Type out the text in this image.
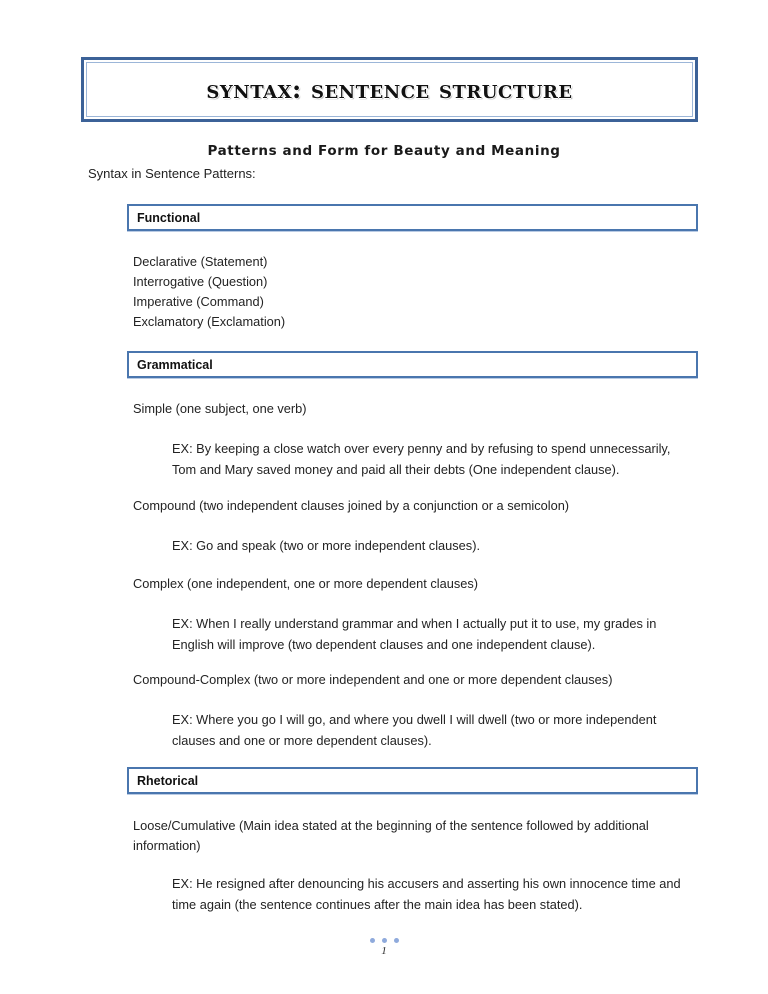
syntax: sentence structure
Patterns and Form for Beauty and Meaning
Syntax in Sentence Patterns:
Functional
Declarative (Statement)
Interrogative (Question)
Imperative (Command)
Exclamatory (Exclamation)
Grammatical
Simple (one subject, one verb)
EX: By keeping a close watch over every penny and by refusing to spend unnecessarily, Tom and Mary saved money and paid all their debts (One independent clause).
Compound (two independent clauses joined by a conjunction or a semicolon)
EX: Go and speak (two or more independent clauses).
Complex (one independent, one or more dependent clauses)
EX: When I really understand grammar and when I actually put it to use, my grades in English will improve (two dependent clauses and one independent clause).
Compound-Complex (two or more independent and one or more dependent clauses)
EX: Where you go I will go, and where you dwell I will dwell (two or more independent clauses and one or more dependent clauses).
Rhetorical
Loose/Cumulative (Main idea stated at the beginning of the sentence followed by additional information)
EX: He resigned after denouncing his accusers and asserting his own innocence time and time again (the sentence continues after the main idea has been stated).
1
